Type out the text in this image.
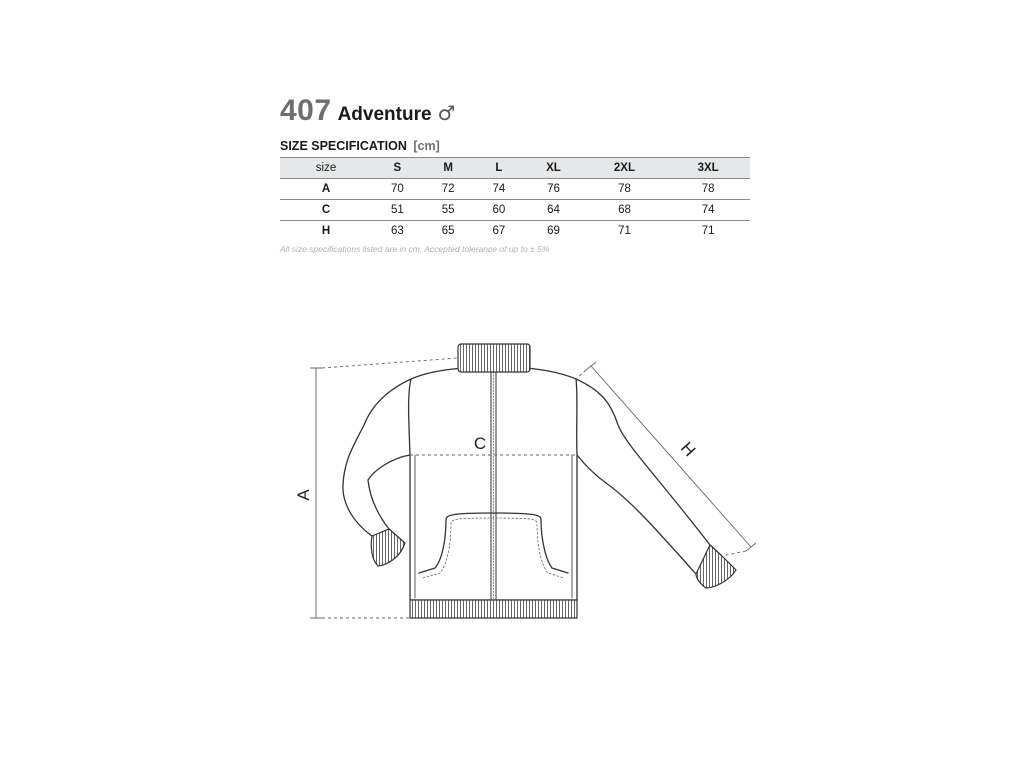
407 Adventure ♂
SIZE SPECIFICATION [cm]
size	S	M	L	XL	2XL	3XL
A	70	72	74	76	78	78
C	51	55	60	64	68	74
H	63	65	67	69	71	71
All size specifications listed are in cm. Accepted tolerance of up to ± 5%
A
C	H
